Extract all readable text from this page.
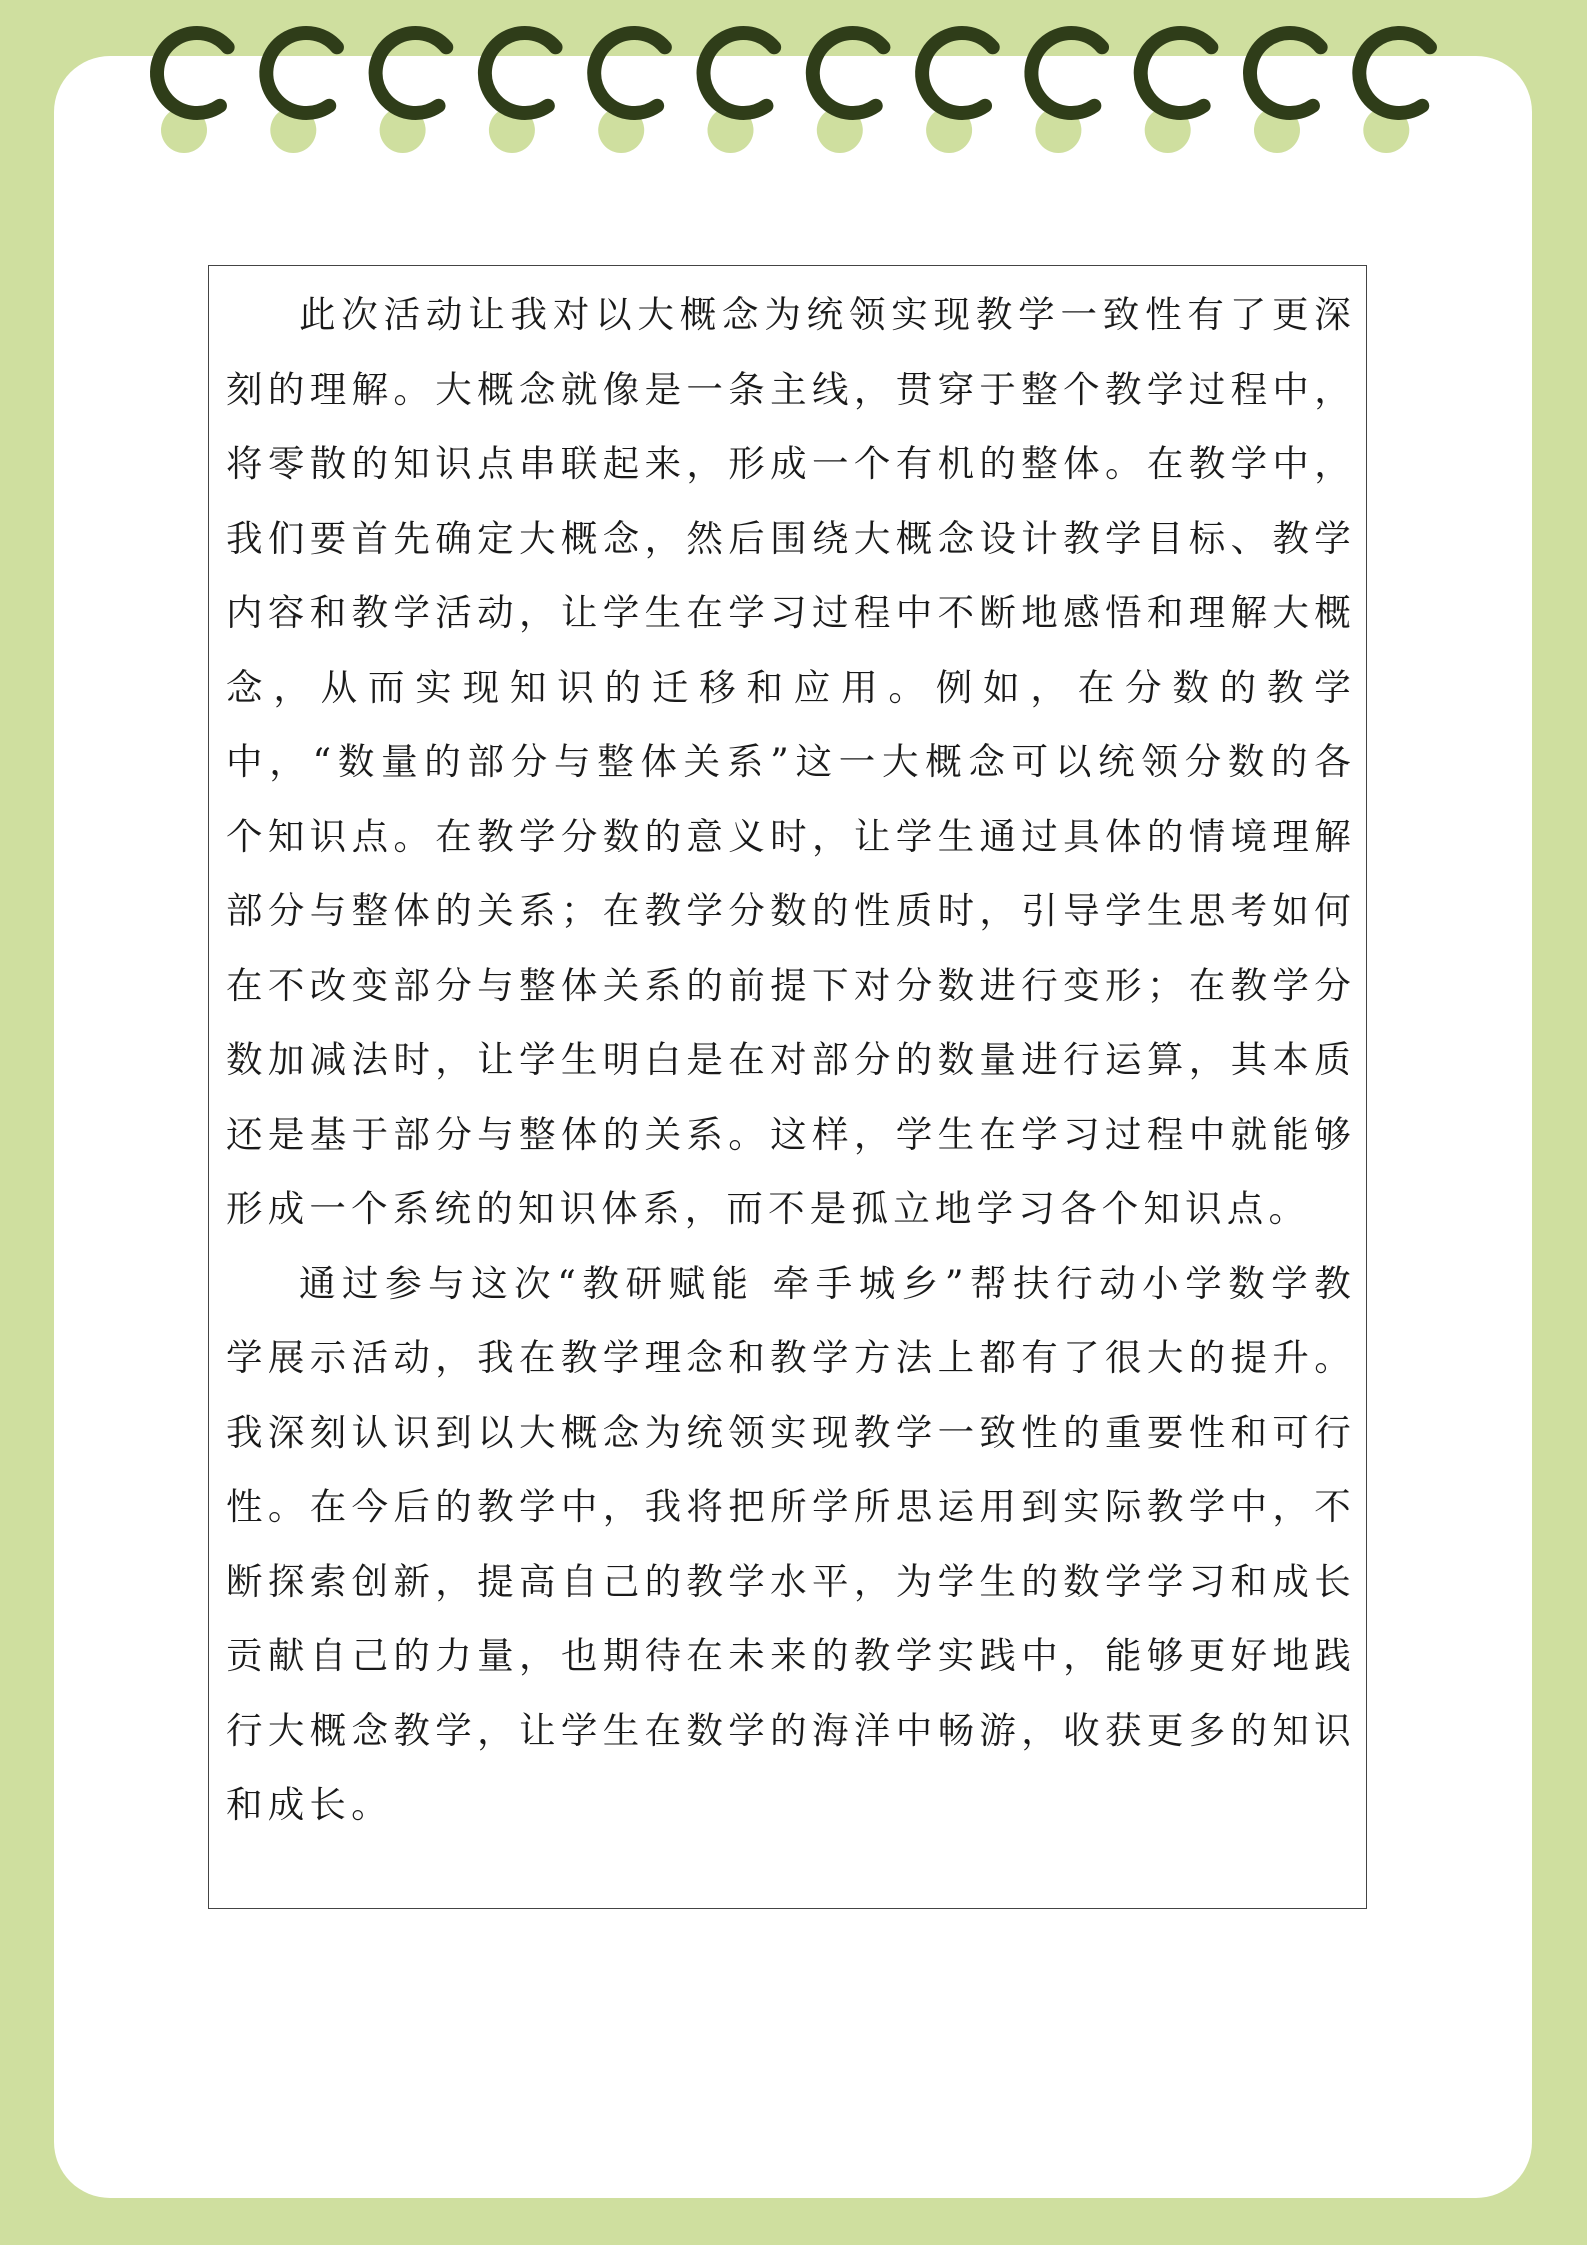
此次活动让我对以大概念为统领实现教学一致性有了更深刻的理解。大概念就像是一条主线，贯穿于整个教学过程中，将零散的知识点串联起来，形成一个有机的整体。在教学中，我们要首先确定大概念，然后围绕大概念设计教学目标、教学内容和教学活动，让学生在学习过程中不断地感悟和理解大概念，从而实现知识的迁移和应用。例如，在分数的教学中，“数量的部分与整体关系”这一大概念可以统领分数的各个知识点。在教学分数的意义时，让学生通过具体的情境理解部分与整体的关系；在教学分数的性质时，引导学生思考如何在不改变部分与整体关系的前提下对分数进行变形；在教学分数加减法时，让学生明白是在对部分的数量进行运算，其本质还是基于部分与整体的关系。这样，学生在学习过程中就能够形成一个系统的知识体系，而不是孤立地学习各个知识点。

通过参与这次“教研赋能 牵手城乡”帮扶行动小学数学教学展示活动，我在教学理念和教学方法上都有了很大的提升。我深刻认识到以大概念为统领实现教学一致性的重要性和可行性。在今后的教学中，我将把所学所思运用到实际教学中，不断探索创新，提高自己的教学水平，为学生的数学学习和成长贡献自己的力量，也期待在未来的教学实践中，能够更好地践行大概念教学，让学生在数学的海洋中畅游，收获更多的知识和成长。
